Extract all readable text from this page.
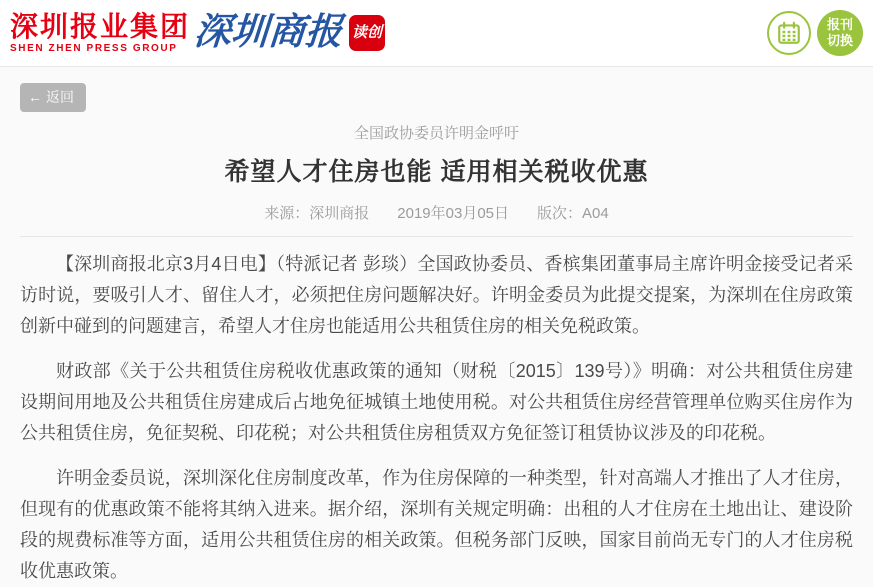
深圳报业集团
SHEN ZHEN PRESS GROUP 深圳商报 读创	报刊
切换
← 返回
全国政协委员许明金呼吁
希望人才住房也能 适用相关税收优惠
来源：深圳商报 2019年03月05日 版次：A04

【深圳商报北京3月4日电】（特派记者 彭琰）全国政协委员、香槟集团董事局主席许明金接受记者采访时说，要吸引人才、留住人才，必须把住房问题解决好。许明金委员为此提交提案，为深圳在住房政策创新中碰到的问题建言，希望人才住房也能适用公共租赁住房的相关免税政策。

财政部《关于公共租赁住房税收优惠政策的通知（财税〔2015〕139号）》明确：对公共租赁住房建设期间用地及公共租赁住房建成后占地免征城镇土地使用税。对公共租赁住房经营管理单位购买住房作为公共租赁住房，免征契税、印花税；对公共租赁住房租赁双方免征签订租赁协议涉及的印花税。

许明金委员说，深圳深化住房制度改革，作为住房保障的一种类型，针对高端人才推出了人才住房，但现有的优惠政策不能将其纳入进来。据介绍，深圳有关规定明确：出租的人才住房在土地出让、建设阶段的规费标准等方面，适用公共租赁住房的相关政策。但税务部门反映，国家目前尚无专门的人才住房税收优惠政策。
